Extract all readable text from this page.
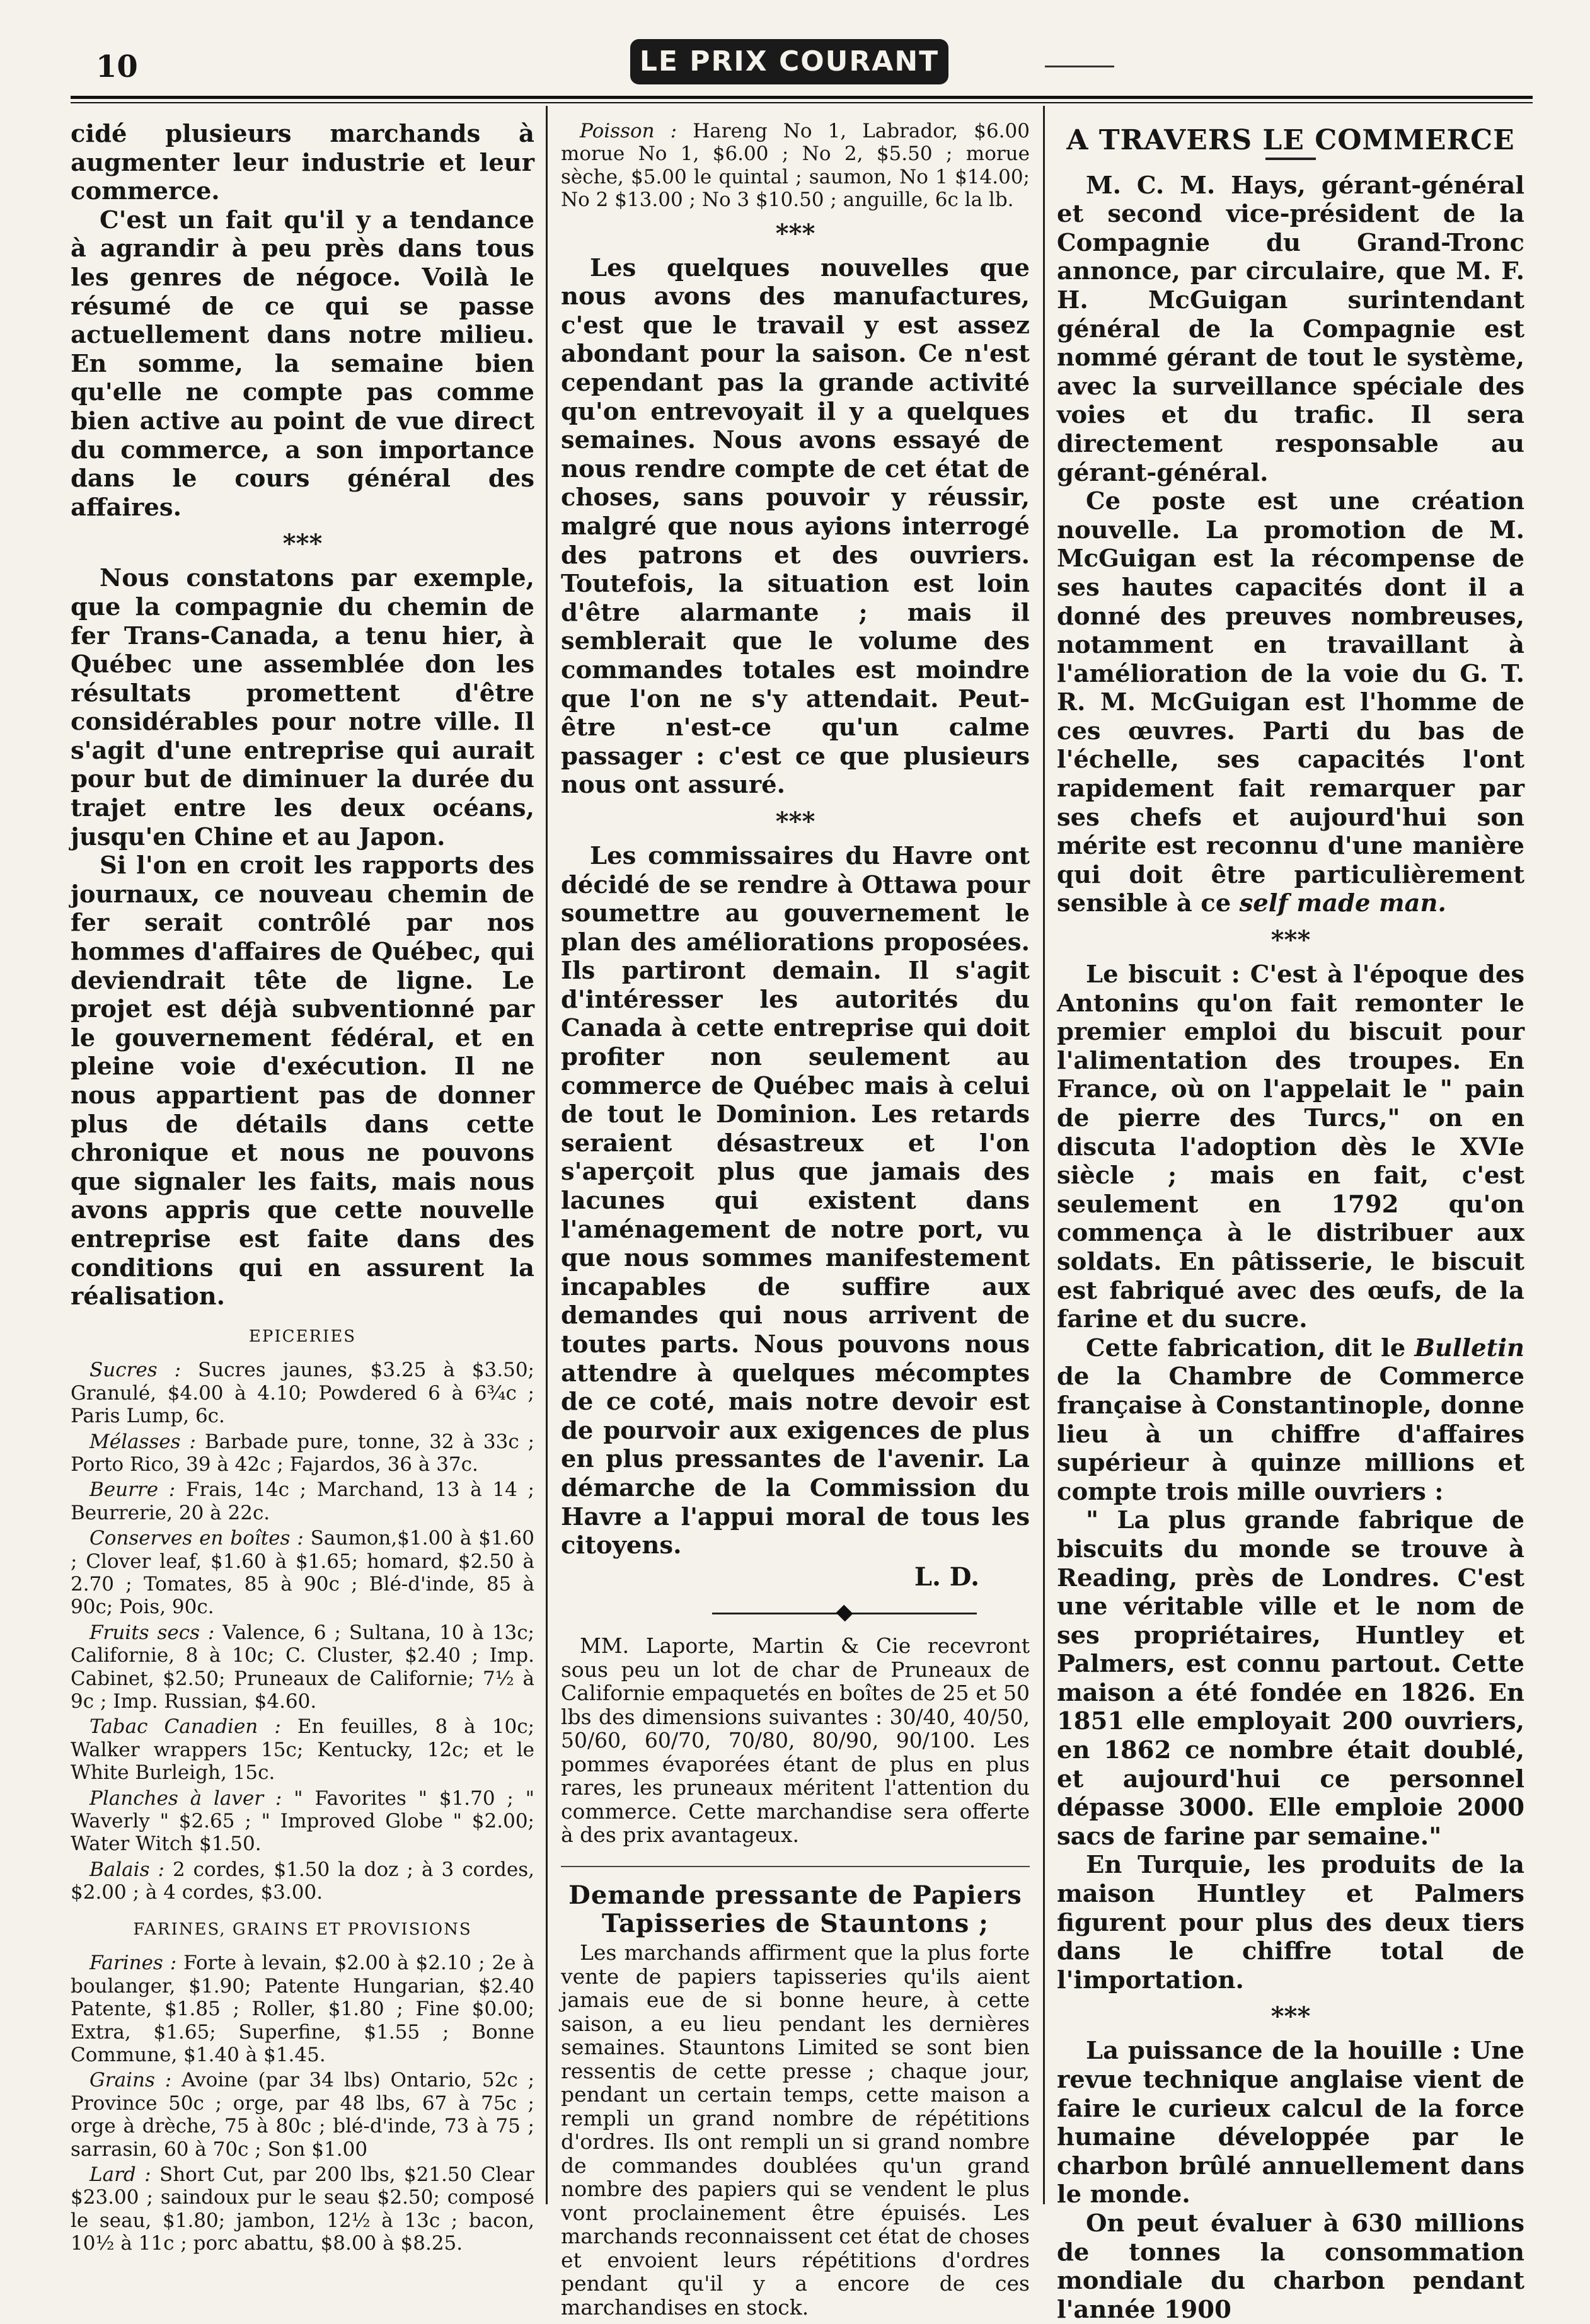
10	LE PRIX COURANT

cidé plusieurs marchands à augmenter leur industrie et leur commerce.

C'est un fait qu'il y a tendance à agrandir à peu près dans tous les genres de négoce. Voilà le résumé de ce qui se passe actuellement dans notre milieu. En somme, la semaine bien qu'elle ne compte pas comme bien active au point de vue direct du commerce, a son importance dans le cours général des affaires.

***

Nous constatons par exemple, que la compagnie du chemin de fer Trans-Canada, a tenu hier, à Québec une assemblée don les résultats promettent d'être considérables pour notre ville. Il s'agit d'une entreprise qui aurait pour but de diminuer la durée du trajet entre les deux océans, jusqu'en Chine et au Japon.

Si l'on en croit les rapports des journaux, ce nouveau chemin de fer serait contrôlé par nos hommes d'affaires de Québec, qui deviendrait tête de ligne. Le projet est déjà subventionné par le gouvernement fédéral, et en pleine voie d'exécution. Il ne nous appartient pas de donner plus de détails dans cette chronique et nous ne pouvons que signaler les faits, mais nous avons appris que cette nouvelle entreprise est faite dans des conditions qui en assurent la réalisation.

EPICERIES

Sucres : Sucres jaunes, $3.25 à $3.50; Granulé, $4.00 à 4.10; Powdered 6 à 6¾c ; Paris Lump, 6c.

Mélasses : Barbade pure, tonne, 32 à 33c ; Porto Rico, 39 à 42c ; Fajardos, 36 à 37c.

Beurre : Frais, 14c ; Marchand, 13 à 14 ; Beurrerie, 20 à 22c.

Conserves en boîtes : Saumon,$1.00 à $1.60 ; Clover leaf, $1.60 à $1.65; homard, $2.50 à 2.70 ; Tomates, 85 à 90c ; Blé-d'inde, 85 à 90c; Pois, 90c.

Fruits secs : Valence, 6 ; Sultana, 10 à 13c; Californie, 8 à 10c; C. Cluster, $2.40 ; Imp. Cabinet, $2.50; Pruneaux de Californie; 7½ à 9c ; Imp. Russian, $4.60.

Tabac Canadien : En feuilles, 8 à 10c; Walker wrappers 15c; Kentucky, 12c; et le White Burleigh, 15c.

Planches à laver : " Favorites " $1.70 ; " Waverly " $2.65 ; " Improved Globe " $2.00; Water Witch $1.50.

Balais : 2 cordes, $1.50 la doz ; à 3 cordes, $2.00 ; à 4 cordes, $3.00.

FARINES, GRAINS ET PROVISIONS

Farines : Forte à levain, $2.00 à $2.10 ; 2e à boulanger, $1.90; Patente Hungarian, $2.40 Patente, $1.85 ; Roller, $1.80 ; Fine $0.00; Extra, $1.65; Superfine, $1.55 ; Bonne Commune, $1.40 à $1.45.

Grains : Avoine (par 34 lbs) Ontario, 52c ; Province 50c ; orge, par 48 lbs, 67 à 75c ; orge à drèche, 75 à 80c ; blé-d'inde, 73 à 75 ; sarrasin, 60 à 70c ; Son $1.00

Lard : Short Cut, par 200 lbs, $21.50 Clear $23.00 ; saindoux pur le seau $2.50; composé le seau, $1.80; jambon, 12½ à 13c ; bacon, 10½ à 11c ; porc abattu, $8.00 à $8.25.

Poisson : Hareng No 1, Labrador, $6.00 morue No 1, $6.00 ; No 2, $5.50 ; morue sèche, $5.00 le quintal ; saumon, No 1 $14.00; No 2 $13.00 ; No 3 $10.50 ; anguille, 6c la lb.

***

Les quelques nouvelles que nous avons des manufactures, c'est que le travail y est assez abondant pour la saison. Ce n'est cependant pas la grande activité qu'on entrevoyait il y a quelques semaines. Nous avons essayé de nous rendre compte de cet état de choses, sans pouvoir y réussir, malgré que nous ayions interrogé des patrons et des ouvriers. Toutefois, la situation est loin d'être alarmante ; mais il semblerait que le volume des commandes totales est moindre que l'on ne s'y attendait. Peut-être n'est-ce qu'un calme passager : c'est ce que plusieurs nous ont assuré.

***

Les commissaires du Havre ont décidé de se rendre à Ottawa pour soumettre au gouvernement le plan des améliorations proposées. Ils partiront demain. Il s'agit d'intéresser les autorités du Canada à cette entreprise qui doit profiter non seulement au commerce de Québec mais à celui de tout le Dominion. Les retards seraient désastreux et l'on s'aperçoit plus que jamais des lacunes qui existent dans l'aménagement de notre port, vu que nous sommes manifestement incapables de suffire aux demandes qui nous arrivent de toutes parts. Nous pouvons nous attendre à quelques mécomptes de ce coté, mais notre devoir est de pourvoir aux exigences de plus en plus pressantes de l'avenir. La démarche de la Commission du Havre a l'appui moral de tous les citoyens.

L. D.

MM. Laporte, Martin & Cie recevront sous peu un lot de char de Pruneaux de Californie empaquetés en boîtes de 25 et 50 lbs des dimensions suivantes : 30/40, 40/50, 50/60, 60/70, 70/80, 80/90, 90/100. Les pommes évaporées étant de plus en plus rares, les pruneaux méritent l'attention du commerce. Cette marchandise sera offerte à des prix avantageux.

Demande pressante de Papiers Tapisseries de Stauntons ;

Les marchands affirment que la plus forte vente de papiers tapisseries qu'ils aient jamais eue de si bonne heure, à cette saison, a eu lieu pendant les dernières semaines. Stauntons Limited se sont bien ressentis de cette presse ; chaque jour, pendant un certain temps, cette maison a rempli un grand nombre de répétitions d'ordres. Ils ont rempli un si grand nombre de commandes doublées qu'un grand nombre des papiers qui se vendent le plus vont proclainement être épuisés. Les marchands reconnaissent cet état de choses et envoient leurs répétitions d'ordres pendant qu'il y a encore de ces marchandises en stock.

A TRAVERS LE COMMERCE

M. C. M. Hays, gérant-général et second vice-président de la Compagnie du Grand-Tronc annonce, par circulaire, que M. F. H. McGuigan surintendant général de la Compagnie est nommé gérant de tout le système, avec la surveillance spéciale des voies et du trafic. Il sera directement responsable au gérant-général.

Ce poste est une création nouvelle. La promotion de M. McGuigan est la récompense de ses hautes capacités dont il a donné des preuves nombreuses, notamment en travaillant à l'amélioration de la voie du G. T. R. M. McGuigan est l'homme de ces œuvres. Parti du bas de l'échelle, ses capacités l'ont rapidement fait remarquer par ses chefs et aujourd'hui son mérite est reconnu d'une manière qui doit être particulièrement sensible à ce self made man.

***

Le biscuit : C'est à l'époque des Antonins qu'on fait remonter le premier emploi du biscuit pour l'alimentation des troupes. En France, où on l'appelait le " pain de pierre des Turcs," on en discuta l'adoption dès le XVIe siècle ; mais en fait, c'est seulement en 1792 qu'on commença à le distribuer aux soldats. En pâtisserie, le biscuit est fabriqué avec des œufs, de la farine et du sucre.

Cette fabrication, dit le Bulletin de la Chambre de Commerce française à Constantinople, donne lieu à un chiffre d'affaires supérieur à quinze millions et compte trois mille ouvriers :

" La plus grande fabrique de biscuits du monde se trouve à Reading, près de Londres. C'est une véritable ville et le nom de ses propriétaires, Huntley et Palmers, est connu partout. Cette maison a été fondée en 1826. En 1851 elle employait 200 ouvriers, en 1862 ce nombre était doublé, et aujourd'hui ce personnel dépasse 3000. Elle emploie 2000 sacs de farine par semaine."

En Turquie, les produits de la maison Huntley et Palmers figurent pour plus des deux tiers dans le chiffre total de l'importation.

***

La puissance de la houille : Une revue technique anglaise vient de faire le curieux calcul de la force humaine développée par le charbon brûlé annuellement dans le monde.

On peut évaluer à 630 millions de tonnes la consommation mondiale du charbon pendant l'année 1900
